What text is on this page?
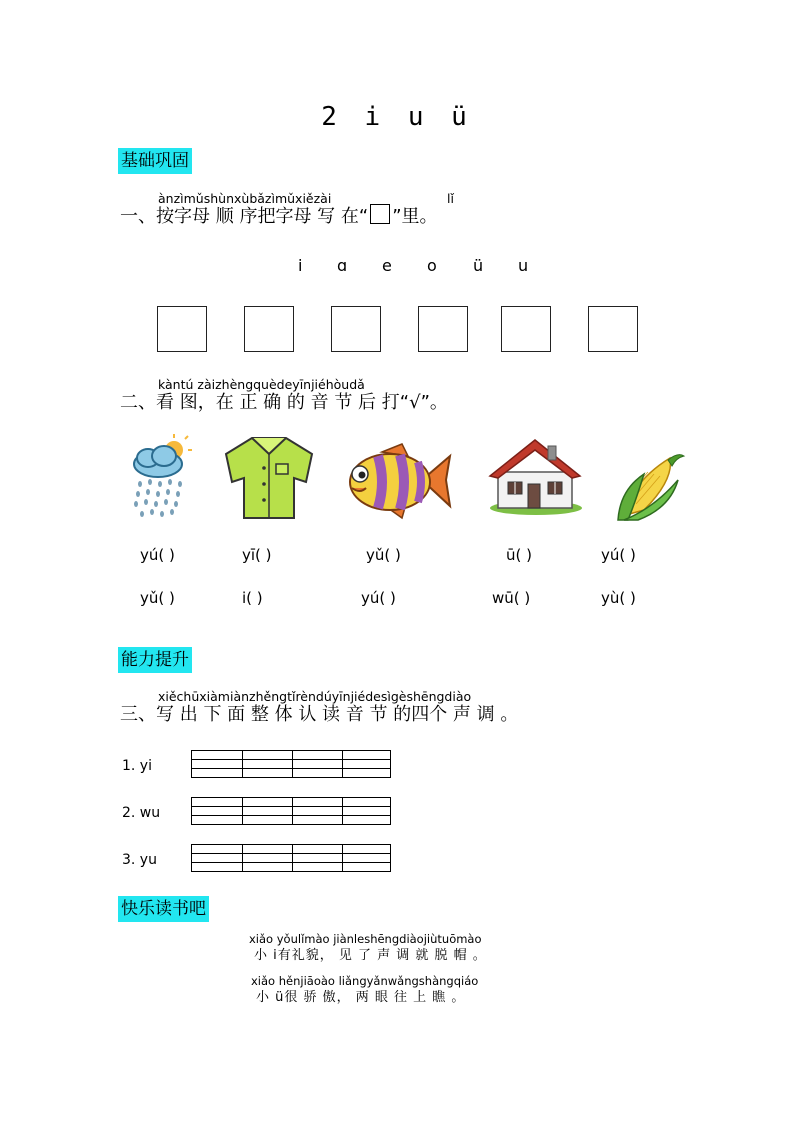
2 i u ü
基础巩固
ànzìmǔshùnxùbǎzìmǔxiězài	lǐ
一、按字母 顺 序把字母 写 在“ ”里。
i ɑ e o ü u
kàntú zàizhèngquèdeyīnjiéhòudǎ
二、看 图，在 正 确 的 音 节 后 打“√”。
yú( )	yī( )	yǔ( )	ū( )	yú( )
yǔ( )	i( )	yú( )	wū( )	yù( )
能力提升
xiěchūxiàmiànzhěngtǐrèndúyīnjiédesìgèshēngdiào
三、写 出 下 面 整 体 认 读 音 节 的四个 声 调 。
1. yi
2. wu
3. yu
快乐读书吧
xiǎo yǒulǐmào jiànleshēngdiàojiùtuōmào
小 i有礼貌， 见 了 声 调 就 脱 帽 。
xiǎo hěnjiāoào liǎngyǎnwǎngshàngqiáo
小 ü很 骄 傲， 两 眼 往 上 瞧 。
